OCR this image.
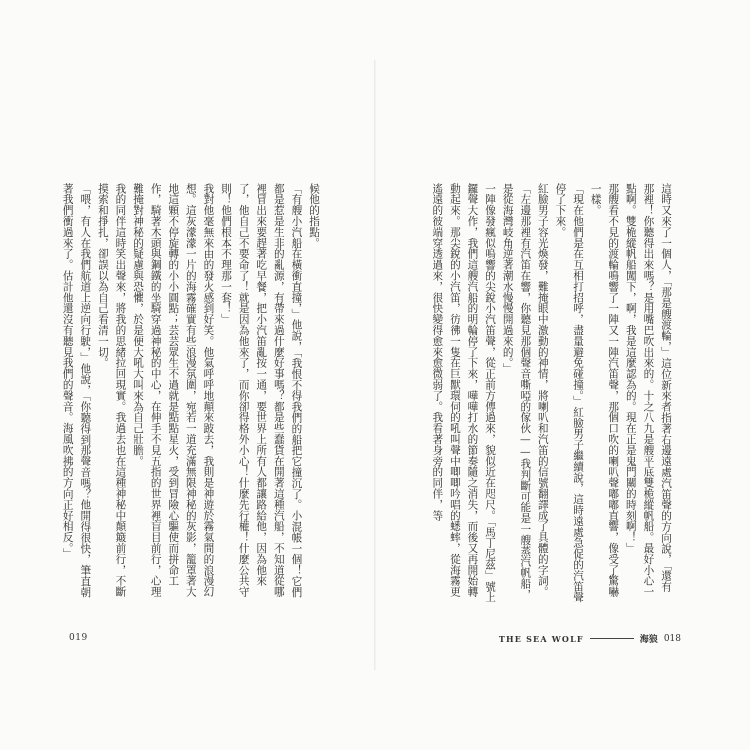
候他的指點。

「有艘小汽船在橫衝直撞，」他說，「我恨不得我們的船把它撞沉了。小混帳一個！它們都是惹是生非的亂源，有帶來過什麼好事嗎？都是些蠢貨在開著這種汽船，不知道從哪裡冒出來要趕著吃早餐，把小汽笛亂按一通，要世界上所有人都讓路給他，因為他來了，他自己不要命了！就是因為他來了，而你卻得格外小心！什麼先行權！什麼公共守則！他們根本不理那一套！」

我對他毫無來由的發火感到好笑。他氣呼呼地顛來跛去，我則是神遊於霧氣間的浪漫幻想。這灰濛濛一片的海霧確實有些浪漫氛圍，宛若一道充滿無限神秘的灰影，籠罩著大地這顆不停旋轉的小小圓點；芸芸眾生不過就是點點星火，受到冒險心驅使而拼命工作，騎著木頭與鋼鐵的坐騎穿過神秘的中心，在伸手不見五指的世界裡盲目前行，心理難掩對神秘的疑慮與恐懼，於是便大吼大叫來為自己壯膽。

我的同伴這時笑出聲來，將我的思緒拉回現實。我過去也在這種神秘中顛簸前行，不斷摸索和掙扎，卻誤以為自己看清一切。

「喂，有人在我們航道上逆向行駛，」他說，「你聽得到那聲音嗎？他開得很快，筆直朝著我們衝過來了。估計他還沒有聽見我們的聲音。海風吹拂的方向正好相反。」

019

這時又來了一個人，「那是艘渡輪，」這位新來者指著右邊遠處汽笛聲的方向說，「還有那裡！你聽得出來嗎？是用嘴巴吹出來的。十之八九是艘平底雙桅縱帆船。最好小心一點啊。雙桅縱帆船闖下，啊，我是這麼認為的。現在正是鬼門關的時刻啊！」

那艘看不見的渡輪鳴響了一陣又一陣汽笛聲，那個口吹的喇叭聲嘟嘟直響，像受了驚嚇一樣。

「現在他們是在互相打招呼，盡量避免碰撞。」紅臉男子繼續說，這時遠處急促的汽笛聲停了下來。

紅臉男子容光煥發，難掩眼中激動的神情，將喇叭和汽笛的信號翻譯成了具體的字詞。「左邊那裡有汽笛在響，你聽見那個聲音嘶啞的傢伙——我判斷可能是一艘蒸汽帆船，是從海灣岐角逆著潮水慢慢開過來的。」

一陣像發瘋似嗚響的尖銳小汽笛聲，從正前方傳過來，貌似近在咫尺。「馬丁尼茲」號上鑼聲大作，我們這艘汽船的明輪停了下來，嘩嘩打水的節奏隨之消失，而後又再開始轉動起來。那尖銳的小汽笛，彷彿一隻在巨獸環伺的吼叫聲中唧唧吟唱的蟋蟀，從海霧更遙遠的彼端穿透過來，很快變得愈來愈微弱了。我看著身旁的同伴，等

THE SEA WOLF	海狼 018
